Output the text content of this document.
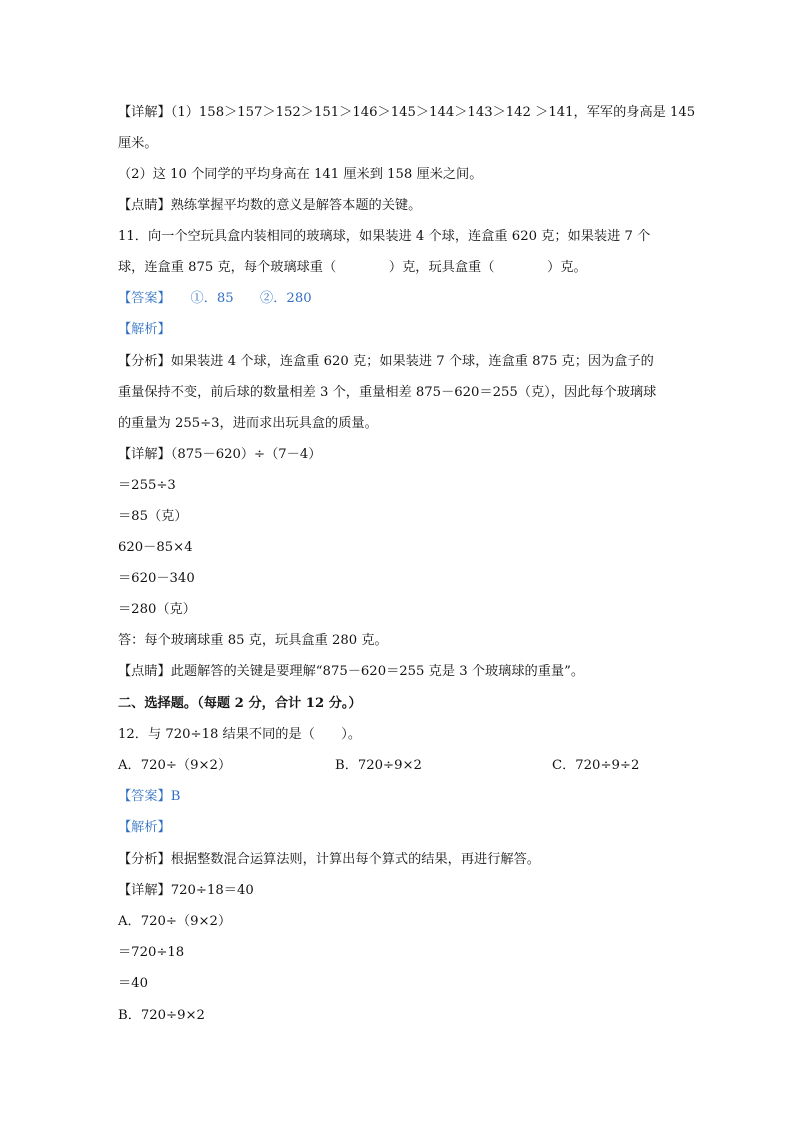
【详解】（1）158＞157＞152＞151＞146＞145＞144＞143＞142 ＞141，军军的身高是 145
厘米。
（2）这 10 个同学的平均身高在 141 厘米到 158 厘米之间。
【点睛】熟练掌握平均数的意义是解答本题的关键。
11．向一个空玩具盒内装相同的玻璃球，如果装进 4 个球，连盒重 620 克；如果装进 7 个
球，连盒重 875 克，每个玻璃球重（　　　　）克，玩具盒重（　　　　）克。
【答案】　　①．85　　②．280
【解析】
【分析】如果装进 4 个球，连盒重 620 克；如果装进 7 个球，连盒重 875 克；因为盒子的
重量保持不变，前后球的数量相差 3 个，重量相差 875－620＝255（克），因此每个玻璃球
的重量为 255÷3，进而求出玩具盒的质量。
【详解】（875－620）÷（7－4）
＝255÷3
＝85（克）
620－85×4
＝620－340
＝280（克）
答：每个玻璃球重 85 克，玩具盒重 280 克。
【点睛】此题解答的关键是要理解“875－620＝255 克是 3 个玻璃球的重量”。
二、选择题。（每题 2 分，合计 12 分。）
12．与 720÷18 结果不同的是（　　）。
A．720÷（9×2）	B．720÷9×2	C．720÷9÷2
【答案】B
【解析】
【分析】根据整数混合运算法则，计算出每个算式的结果，再进行解答。
【详解】720÷18＝40
A．720÷（9×2）
＝720÷18
＝40
B．720÷9×2
